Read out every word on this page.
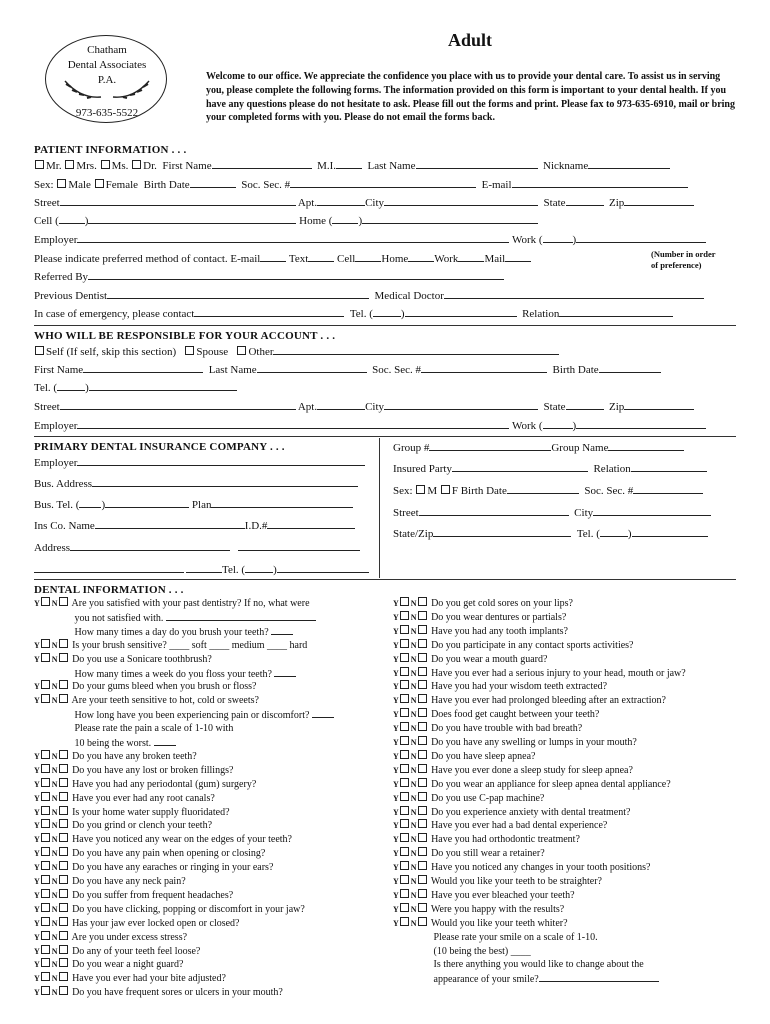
Chatham
Dental Associates
P.A.
973-635-5522
Adult
Welcome to our office. We appreciate the confidence you place with us to provide your dental care. To assist us in serving you, please complete the following forms. The information provided on this form is important to your dental health. If you have any questions please do not hesitate to ask. Please fill out the forms and print. Please fax to 973-635-6910, mail or bring your completed forms with you. Please do not email the forms back.
PATIENT INFORMATION . . .
Mr. Mrs. Ms. Dr. First Name	M.I.	Last Name	Nickname
Sex: Male Female Birth Date	Soc. Sec. #	E-mail
Street	Apt.	City	State	Zip
Cell ( )	Home ( )
Employer	Work (	)
Please indicate preferred method of contact. E-mail	Text	Cell Home Work Mail	(Number in order
of preference)
Referred By
Previous Dentist	Medical Doctor
In case of emergency, please contact	Tel. (	)	Relation
WHO WILL BE RESPONSIBLE FOR YOUR ACCOUNT . . .
Self (If self, skip this section) Spouse Other
First Name	Last Name	Soc. Sec. #	Birth Date
Tel. (	)
Street	Apt.	City	State	Zip
Employer	Work (	)
PRIMARY DENTAL INSURANCE COMPANY . . .
Employer
Bus. Address
Bus. Tel. ( )	Plan
Ins Co. Name	I.D.#
Address
Tel. (	)
Group #	Group Name
Insured Party	Relation
Sex: M F Birth Date	Soc. Sec. #
Street	City
State/Zip	Tel. (	)
DENTAL INFORMATION . . .
Y N Are you satisfied with your past dentistry? If no, what were
you not satisfied with.
How many times a day do you brush your teeth?
Y N Is your brush sensitive? ____ soft ____ medium ____ hard
Y N Do you use a Sonicare toothbrush?
How many times a week do you floss your teeth?
Y N Do your gums bleed when you brush or floss?
Y N Are your teeth sensitive to hot, cold or sweets?
How long have you been experiencing pain or discomfort?
Please rate the pain a scale of 1-10 with
10 being the worst.
Y N Do you have any broken teeth?
Y N Do you have any lost or broken fillings?
Y N Have you had any periodontal (gum) surgery?
Y N Have you ever had any root canals?
Y N Is your home water supply fluoridated?
Y N Do you grind or clench your teeth?
Y N Have you noticed any wear on the edges of your teeth?
Y N Do you have any pain when opening or closing?
Y N Do you have any earaches or ringing in your ears?
Y N Do you have any neck pain?
Y N Do you suffer from frequent headaches?
Y N Do you have clicking, popping or discomfort in your jaw?
Y N Has your jaw ever locked open or closed?
Y N Are you under excess stress?
Y N Do any of your teeth feel loose?
Y N Do you wear a night guard?
Y N Have you ever had your bite adjusted?
Y N Do you have frequent sores or ulcers in your mouth?
Y N Do you get cold sores on your lips?
Y N Do you wear dentures or partials?
Y N Have you had any tooth implants?
Y N Do you participate in any contact sports activities?
Y N Do you wear a mouth guard?
Y N Have you ever had a serious injury to your head, mouth or jaw?
Y N Have you had your wisdom teeth extracted?
Y N Have you ever had prolonged bleeding after an extraction?
Y N Does food get caught between your teeth?
Y N Do you have trouble with bad breath?
Y N Do you have any swelling or lumps in your mouth?
Y N Do you have sleep apnea?
Y N Have you ever done a sleep study for sleep apnea?
Y N Do you wear an appliance for sleep apnea dental appliance?
Y N Do you use C-pap machine?
Y N Do you experience anxiety with dental treatment?
Y N Have you ever had a bad dental experience?
Y N Have you had orthodontic treatment?
Y N Do you still wear a retainer?
Y N Have you noticed any changes in your tooth positions?
Y N Would you like your teeth to be straighter?
Y N Have you ever bleached your teeth?
Y N Were you happy with the results?
Y N Would you like your teeth whiter?
Please rate your smile on a scale of 1-10.
(10 being the best) ____
Is there anything you would like to change about the
appearance of your smile?
